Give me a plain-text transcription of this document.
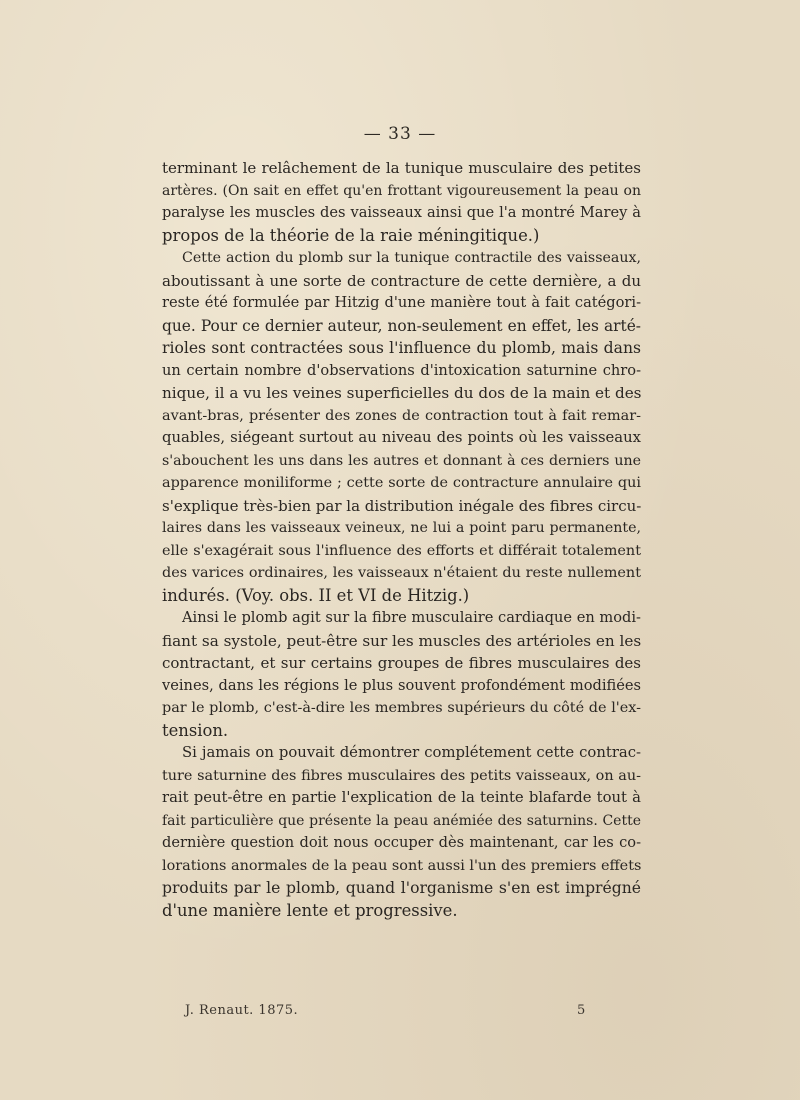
— 33 —
terminant le relâchement de la tunique musculaire des petites
artères. (On sait en effet qu'en frottant vigoureusement la peau on
paralyse les muscles des vaisseaux ainsi que l'a montré Marey à
propos de la théorie de la raie méningitique.)
Cette action du plomb sur la tunique contractile des vaisseaux,
aboutissant à une sorte de contracture de cette dernière, a du
reste été formulée par Hitzig d'une manière tout à fait catégori-
que. Pour ce dernier auteur, non-seulement en effet, les arté-
rioles sont contractées sous l'influence du plomb, mais dans
un certain nombre d'observations d'intoxication saturnine chro-
nique, il a vu les veines superficielles du dos de la main et des
avant-bras, présenter des zones de contraction tout à fait remar-
quables, siégeant surtout au niveau des points où les vaisseaux
s'abouchent les uns dans les autres et donnant à ces derniers une
apparence moniliforme ; cette sorte de contracture annulaire qui
s'explique très-bien par la distribution inégale des fibres circu-
laires dans les vaisseaux veineux, ne lui a point paru permanente,
elle s'exagérait sous l'influence des efforts et différait totalement
des varices ordinaires, les vaisseaux n'étaient du reste nullement
indurés. (Voy. obs. II et VI de Hitzig.)
Ainsi le plomb agit sur la fibre musculaire cardiaque en modi-
fiant sa systole, peut-être sur les muscles des artérioles en les
contractant, et sur certains groupes de fibres musculaires des
veines, dans les régions le plus souvent profondément modifiées
par le plomb, c'est-à-dire les membres supérieurs du côté de l'ex-
tension.
Si jamais on pouvait démontrer complétement cette contrac-
ture saturnine des fibres musculaires des petits vaisseaux, on au-
rait peut-être en partie l'explication de la teinte blafarde tout à
fait particulière que présente la peau anémiée des saturnins. Cette
dernière question doit nous occuper dès maintenant, car les co-
lorations anormales de la peau sont aussi l'un des premiers effets
produits par le plomb, quand l'organisme s'en est imprégné
d'une manière lente et progressive.
J. Renaut. 1875.	5
